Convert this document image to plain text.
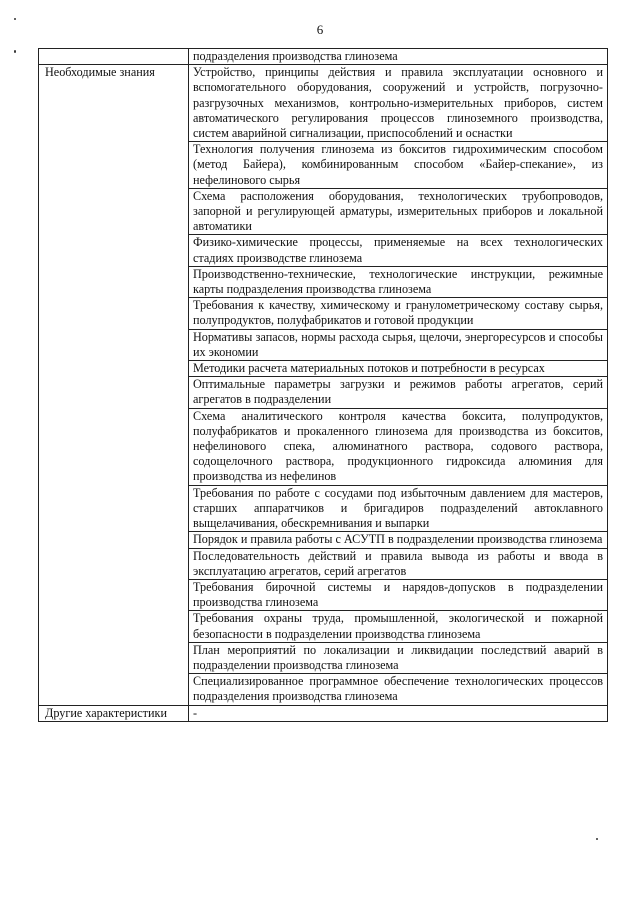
6
	подразделения производства глинозема
Необходимые знания	Устройство, принципы действия и правила эксплуатации основного и вспомогательного оборудования, сооружений и устройств, погрузочно-разгрузочных механизмов, контрольно-измерительных приборов, систем автоматического регулирования процессов глиноземного производства, систем аварийной сигнализации, приспособлений и оснастки
	Технология получения глинозема из бокситов гидрохимическим способом (метод Байера), комбинированным способом «Байер-спекание», из нефелинового сырья
	Схема расположения оборудования, технологических трубопроводов, запорной и регулирующей арматуры, измерительных приборов и локальной автоматики
	Физико-химические процессы, применяемые на всех технологических стадиях производстве глинозема
	Производственно-технические, технологические инструкции, режимные карты подразделения производства глинозема
	Требования к качеству, химическому и гранулометрическому составу сырья, полупродуктов, полуфабрикатов и готовой продукции
	Нормативы запасов, нормы расхода сырья, щелочи, энергоресурсов и способы их экономии
	Методики расчета материальных потоков и потребности в ресурсах
	Оптимальные параметры загрузки и режимов работы агрегатов, серий агрегатов в подразделении
	Схема аналитического контроля качества боксита, полупродуктов, полуфабрикатов и прокаленного глинозема для производства из бокситов, нефелинового спека, алюминатного раствора, содового раствора, содощелочного раствора, продукционного гидроксида алюминия для производства из нефелинов
	Требования по работе с сосудами под избыточным давлением для мастеров, старших аппаратчиков и бригадиров подразделений автоклавного выщелачивания, обескремнивания и выпарки
	Порядок и правила работы с АСУТП в подразделении производства глинозема
	Последовательность действий и правила вывода из работы и ввода в эксплуатацию агрегатов, серий агрегатов
	Требования бирочной системы и нарядов-допусков в подразделении производства глинозема
	Требования охраны труда, промышленной, экологической и пожарной безопасности в подразделении производства глинозема
	План мероприятий по локализации и ликвидации последствий аварий в подразделении производства глинозема
	Специализированное программное обеспечение технологических процессов подразделения производства глинозема
Другие характеристики	-
